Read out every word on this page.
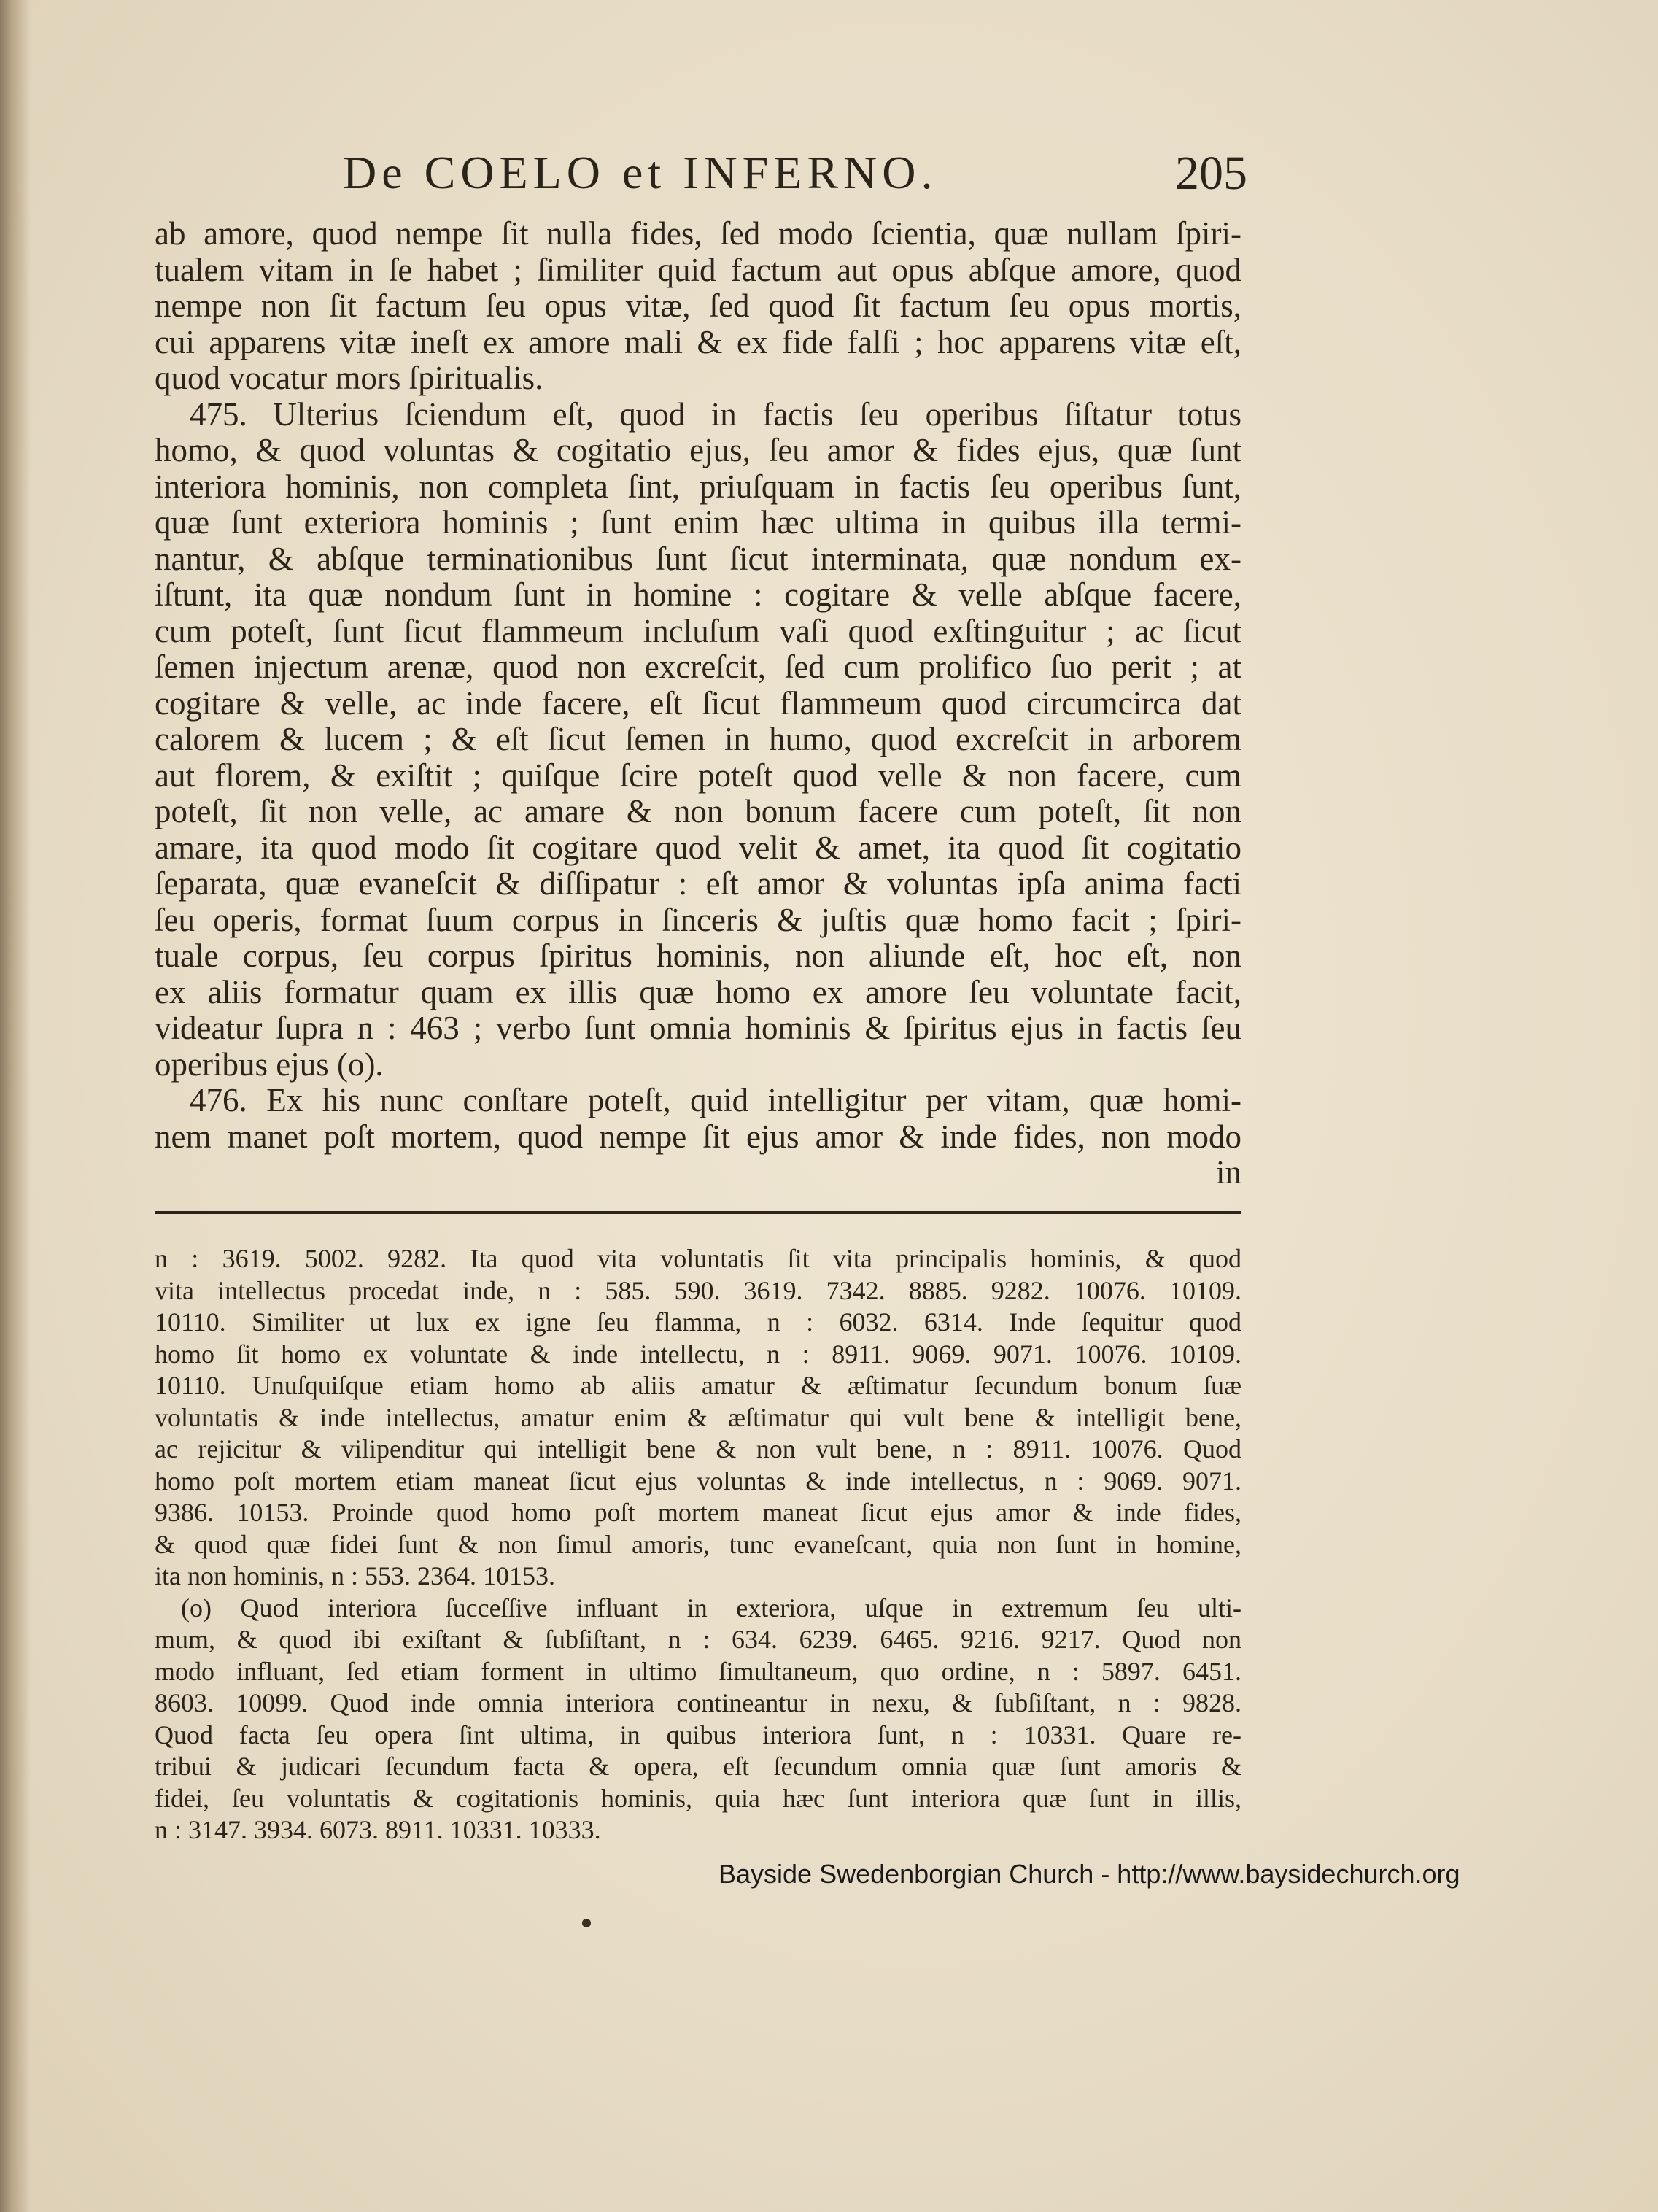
De COELO et INFERNO.	205
ab amore, quod nempe ſit nulla fides, ſed modo ſcientia, quæ nullam ſpiri-
tualem vitam in ſe habet ; ſimiliter quid factum aut opus abſque amore, quod
nempe non ſit factum ſeu opus vitæ, ſed quod ſit factum ſeu opus mortis,
cui apparens vitæ ineſt ex amore mali & ex fide falſi ; hoc apparens vitæ eſt,
quod vocatur mors ſpiritualis.
475. Ulterius ſciendum eſt, quod in factis ſeu operibus ſiſtatur totus
homo, & quod voluntas & cogitatio ejus, ſeu amor & fides ejus, quæ ſunt
interiora hominis, non completa ſint, priuſquam in factis ſeu operibus ſunt,
quæ ſunt exteriora hominis ; ſunt enim hæc ultima in quibus illa termi-
nantur, & abſque terminationibus ſunt ſicut interminata, quæ nondum ex-
iſtunt, ita quæ nondum ſunt in homine : cogitare & velle abſque facere,
cum poteſt, ſunt ſicut flammeum incluſum vaſi quod exſtinguitur ; ac ſicut
ſemen injectum arenæ, quod non excreſcit, ſed cum prolifico ſuo perit ; at
cogitare & velle, ac inde facere, eſt ſicut flammeum quod circumcirca dat
calorem & lucem ; & eſt ſicut ſemen in humo, quod excreſcit in arborem
aut florem, & exiſtit ; quiſque ſcire poteſt quod velle & non facere, cum
poteſt, ſit non velle, ac amare & non bonum facere cum poteſt, ſit non
amare, ita quod modo ſit cogitare quod velit & amet, ita quod ſit cogitatio
ſeparata, quæ evaneſcit & diſſipatur : eſt amor & voluntas ipſa anima facti
ſeu operis, format ſuum corpus in ſinceris & juſtis quæ homo facit ; ſpiri-
tuale corpus, ſeu corpus ſpiritus hominis, non aliunde eſt, hoc eſt, non
ex aliis formatur quam ex illis quæ homo ex amore ſeu voluntate facit,
videatur ſupra n : 463 ; verbo ſunt omnia hominis & ſpiritus ejus in factis ſeu
operibus ejus (o).
476. Ex his nunc conſtare poteſt, quid intelligitur per vitam, quæ homi-
nem manet poſt mortem, quod nempe ſit ejus amor & inde fides, non modo
in
n : 3619. 5002. 9282. Ita quod vita voluntatis ſit vita principalis hominis, & quod
vita intellectus procedat inde, n : 585. 590. 3619. 7342. 8885. 9282. 10076. 10109.
10110. Similiter ut lux ex igne ſeu flamma, n : 6032. 6314. Inde ſequitur quod
homo ſit homo ex voluntate & inde intellectu, n : 8911. 9069. 9071. 10076. 10109.
10110. Unuſquiſque etiam homo ab aliis amatur & æſtimatur ſecundum bonum ſuæ
voluntatis & inde intellectus, amatur enim & æſtimatur qui vult bene & intelligit bene,
ac rejicitur & vilipenditur qui intelligit bene & non vult bene, n : 8911. 10076. Quod
homo poſt mortem etiam maneat ſicut ejus voluntas & inde intellectus, n : 9069. 9071.
9386. 10153. Proinde quod homo poſt mortem maneat ſicut ejus amor & inde fides,
& quod quæ fidei ſunt & non ſimul amoris, tunc evaneſcant, quia non ſunt in homine,
ita non hominis, n : 553. 2364. 10153.
(o) Quod interiora ſucceſſive influant in exteriora, uſque in extremum ſeu ulti-
mum, & quod ibi exiſtant & ſubſiſtant, n : 634. 6239. 6465. 9216. 9217. Quod non
modo influant, ſed etiam forment in ultimo ſimultaneum, quo ordine, n : 5897. 6451.
8603. 10099. Quod inde omnia interiora contineantur in nexu, & ſubſiſtant, n : 9828.
Quod facta ſeu opera ſint ultima, in quibus interiora ſunt, n : 10331. Quare re-
tribui & judicari ſecundum facta & opera, eſt ſecundum omnia quæ ſunt amoris &
fidei, ſeu voluntatis & cogitationis hominis, quia hæc ſunt interiora quæ ſunt in illis,
n : 3147. 3934. 6073. 8911. 10331. 10333.
Bayside Swedenborgian Church - http://www.baysidechurch.org
